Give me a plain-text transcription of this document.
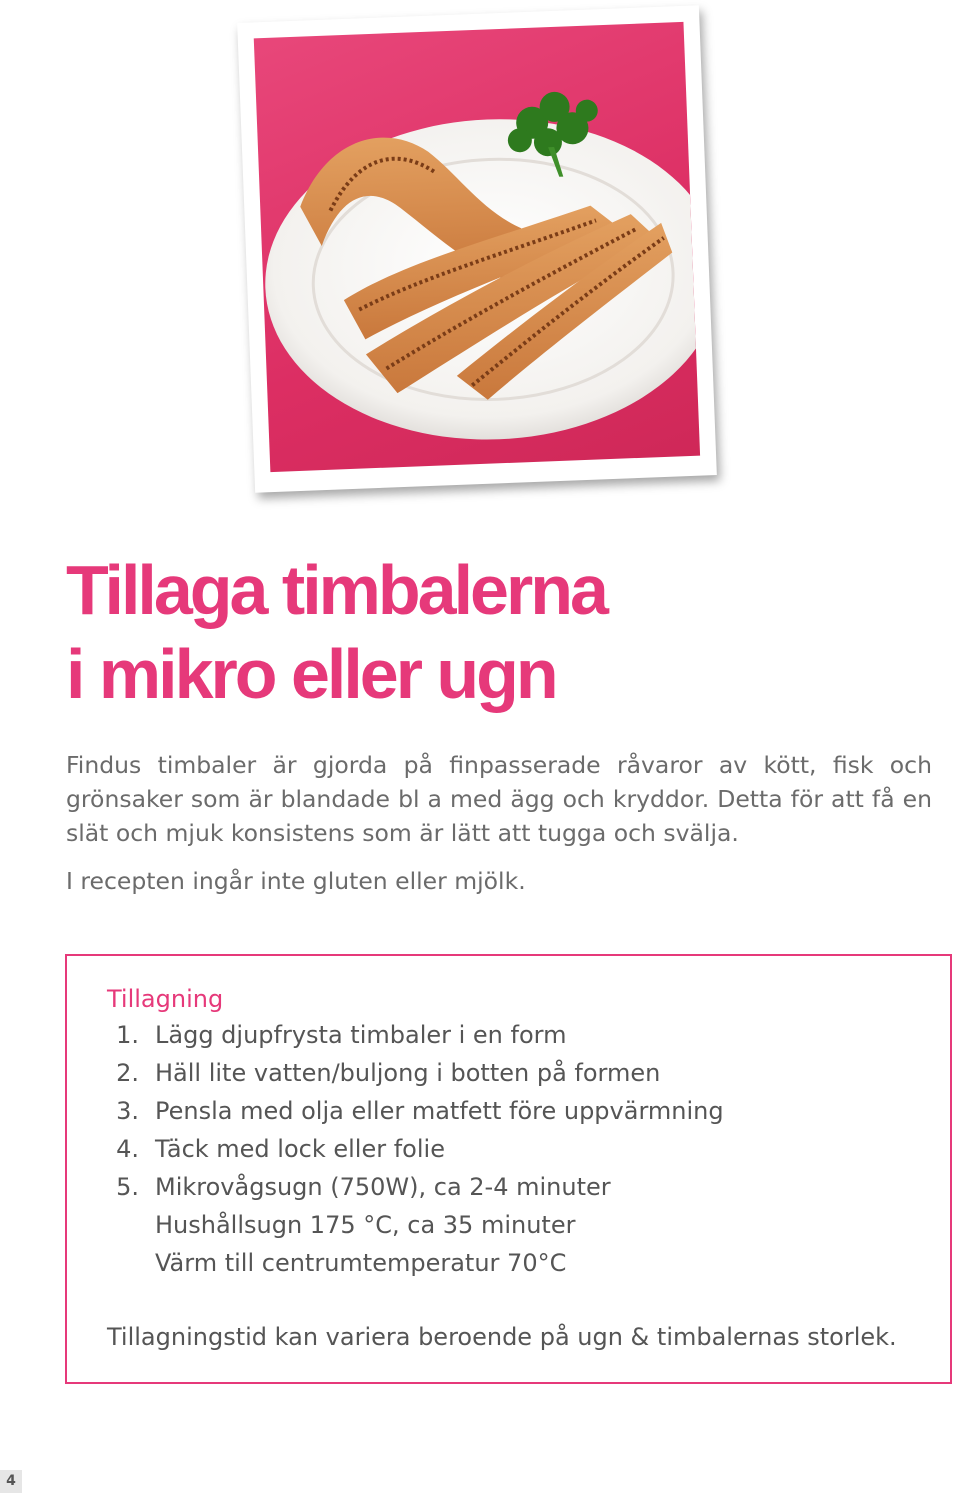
Tillaga timbalerna
i mikro eller ugn

Findus timbaler är gjorda på finpasserade råvaror av kött, fisk och grönsaker som är blandade bl a med ägg och kryddor. Detta för att få en slät och mjuk konsistens som är lätt att tugga och svälja.

I recepten ingår inte gluten eller mjölk.

Tillagning
1. Lägg djupfrysta timbaler i en form
2. Häll lite vatten/buljong i botten på formen
3. Pensla med olja eller matfett före uppvärmning
4. Täck med lock eller folie
5. Mikrovågsugn (750W), ca 2-4 minuter
Hushållsugn 175 °C, ca 35 minuter
Värm till centrumtemperatur 70°C
Tillagningstid kan variera beroende på ugn & timbalernas storlek.
4
